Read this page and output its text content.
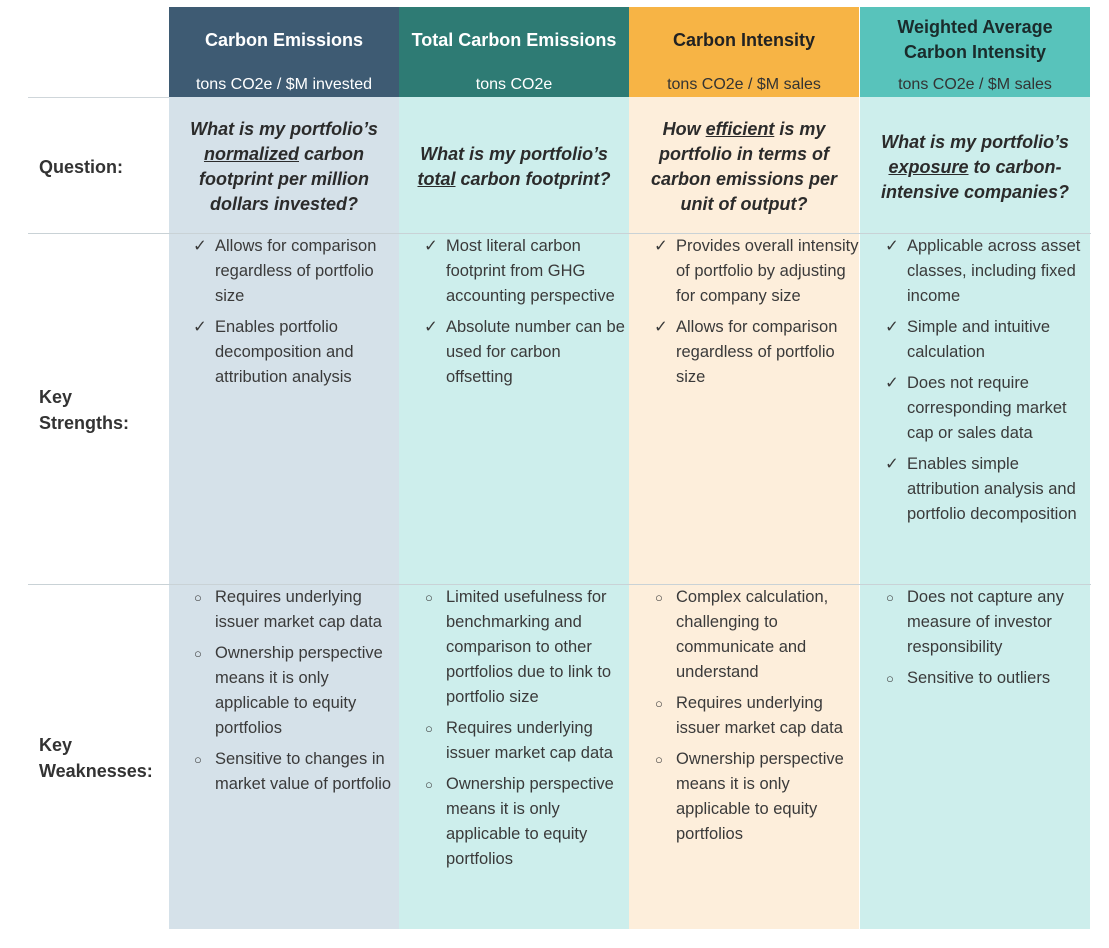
Carbon Emissions
tons CO2e / $M invested
Total Carbon Emissions
tons CO2e
Carbon Intensity
tons CO2e / $M sales
Weighted Average Carbon Intensity
tons CO2e / $M sales
Question:
Key
Strengths:
Key
Weaknesses:
What is my portfolio’s normalized carbon footprint per million dollars invested?
What is my portfolio’s total carbon footprint?
How efficient is my portfolio in terms of carbon emissions per unit of output?
What is my portfolio’s exposure to carbon-intensive companies?
✓ Allows for comparison regardless of portfolio size
✓ Enables portfolio decomposition and attribution analysis
✓ Most literal carbon footprint from GHG accounting perspective
✓ Absolute number can be used for carbon offsetting
✓ Provides overall intensity of portfolio by adjusting for company size
✓ Allows for comparison regardless of portfolio size
✓ Applicable across asset classes, including fixed income
✓ Simple and intuitive calculation
✓ Does not require corresponding market cap or sales data
✓ Enables simple attribution analysis and portfolio decomposition
○ Requires underlying issuer market cap data
○ Ownership perspective means it is only applicable to equity portfolios
○ Sensitive to changes in market value of portfolio
○ Limited usefulness for benchmarking and comparison to other portfolios due to link to portfolio size
○ Requires underlying issuer market cap data
○ Ownership perspective means it is only applicable to equity portfolios
○ Complex calculation, challenging to communicate and understand
○ Requires underlying issuer market cap data
○ Ownership perspective means it is only applicable to equity portfolios
○ Does not capture any measure of investor responsibility
○ Sensitive to outliers
